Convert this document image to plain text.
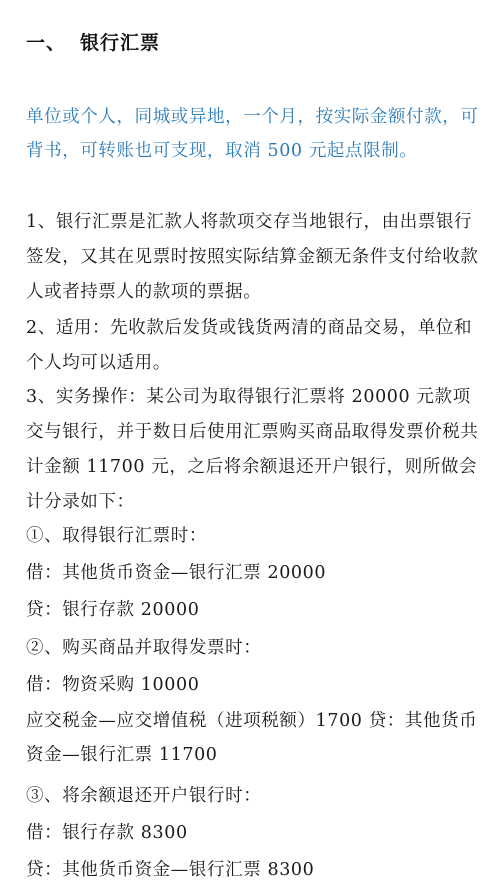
一、 银行汇票
单位或个人，同城或异地，一个月，按实际金额付款，可背书，可转账也可支现，取消 500 元起点限制。
1、银行汇票是汇款人将款项交存当地银行，由出票银行签发，又其在见票时按照实际结算金额无条件支付给收款人或者持票人的款项的票据。
2、适用：先收款后发货或钱货两清的商品交易，单位和个人均可以适用。
3、实务操作：某公司为取得银行汇票将 20000 元款项交与银行，并于数日后使用汇票购买商品取得发票价税共计金额 11700 元，之后将余额退还开户银行，则所做会计分录如下：
①、取得银行汇票时：
借：其他货币资金—银行汇票 20000
贷：银行存款 20000
②、购买商品并取得发票时：
借：物资采购 10000
应交税金—应交增值税（进项税额）1700 贷：其他货币资金—银行汇票 11700
③、将余额退还开户银行时：
借：银行存款 8300
贷：其他货币资金—银行汇票 8300
